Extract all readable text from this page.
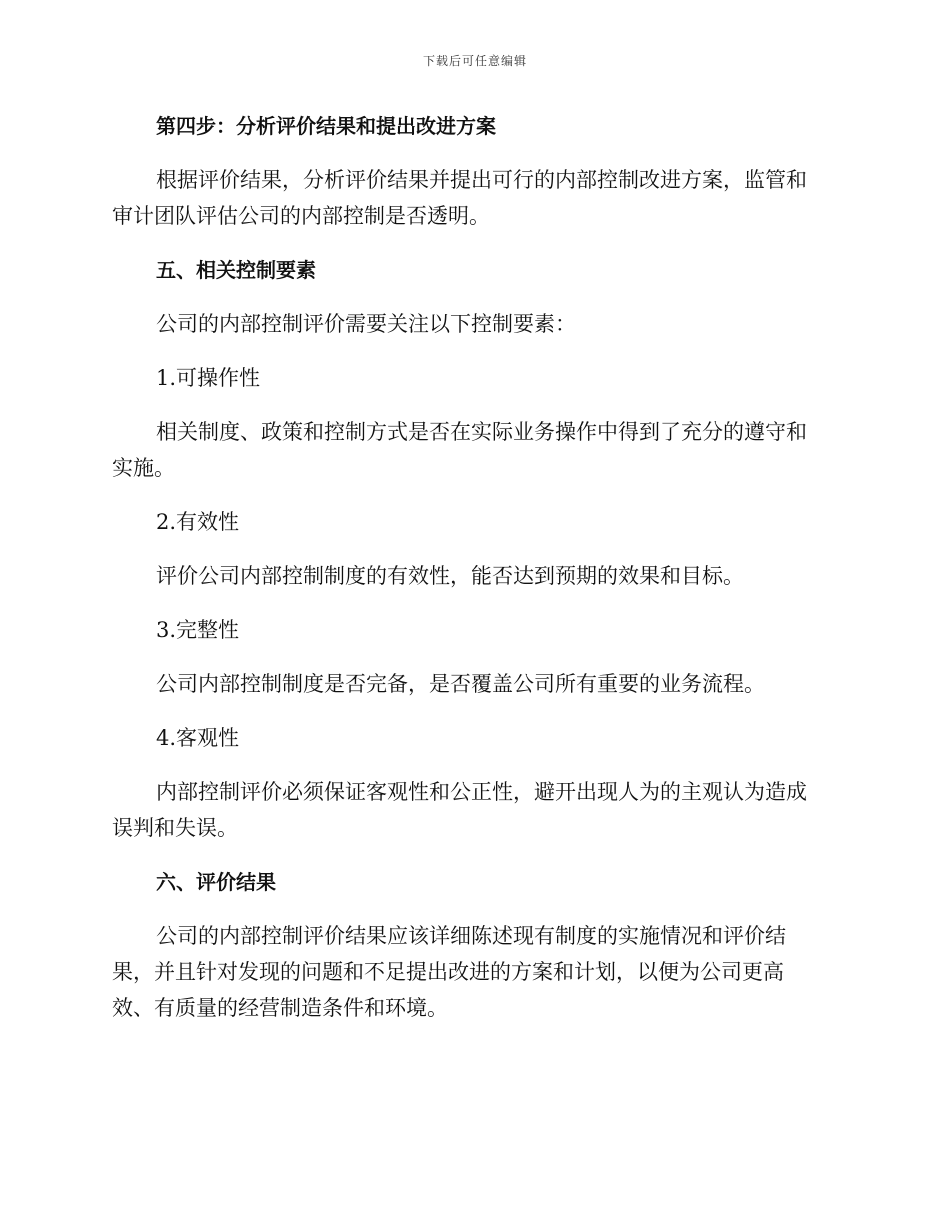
下载后可任意编辑
第四步：分析评价结果和提出改进方案
根据评价结果，分析评价结果并提出可行的内部控制改进方案，监管和
审计团队评估公司的内部控制是否透明。
五、相关控制要素
公司的内部控制评价需要关注以下控制要素：
1.可操作性
相关制度、政策和控制方式是否在实际业务操作中得到了充分的遵守和
实施。
2.有效性
评价公司内部控制制度的有效性，能否达到预期的效果和目标。
3.完整性
公司内部控制制度是否完备，是否覆盖公司所有重要的业务流程。
4.客观性
内部控制评价必须保证客观性和公正性，避开出现人为的主观认为造成
误判和失误。
六、评价结果
公司的内部控制评价结果应该详细陈述现有制度的实施情况和评价结
果，并且针对发现的问题和不足提出改进的方案和计划，以便为公司更高
效、有质量的经营制造条件和环境。
